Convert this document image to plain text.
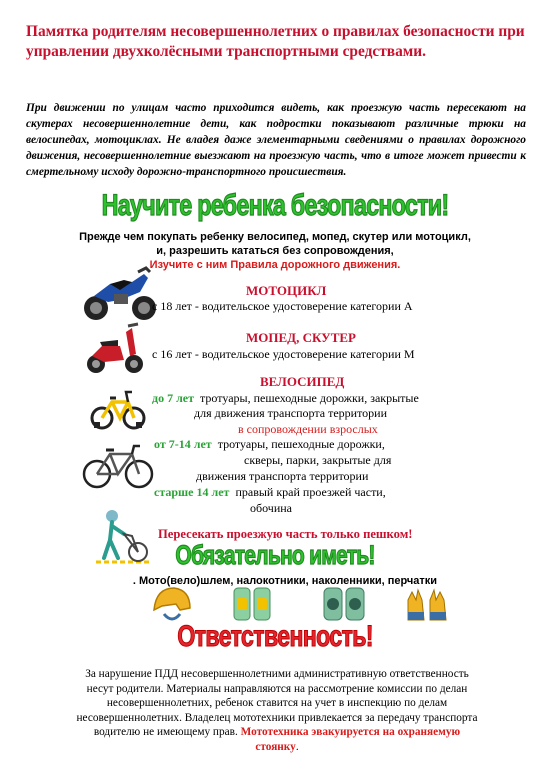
Памятка родителям несовершеннолетних о правилах безопасности при управлении двухколёсными транспортными средствами.

При движении по улицам часто приходится видеть, как проезжую часть пересекают на скутерах несовершеннолетние дети, как подростки показывают различные трюки на велосипедах, мотоциклах. Не владея даже элементарными сведениями о правилах дорожного движения, несовершеннолетние выезжают на проезжую часть, что в итоге может привести к смертельному исходу дорожно-транспортного происшествия.

Научите ребенка безопасности!
Прежде чем покупать ребенку велосипед, мопед, скутер или мотоцикл,
и, разрешить кататься без сопровождения,
Изучите с ним Правила дорожного движения.
МОТОЦИКЛ
с 18 лет - водительское удостоверение категории А
МОПЕД, СКУТЕР
с 16 лет - водительское удостоверение категории М
ВЕЛОСИПЕД
до 7 лет тротуары, пешеходные дорожки, закрытые
для движения транспорта территории
в сопровождении взрослых
от 7-14 лет тротуары, пешеходные дорожки,
скверы, парки, закрытые для
движения транспорта территории
старше 14 лет правый край проезжей части,
обочина
Пересекать проезжую часть только пешком!
Обязательно иметь!
. Мото(вело)шлем, налокотники, наколенники, перчатки
Ответственность!
За нарушение ПДД несовершеннолетними административную ответственность несут родители. Материалы направляются на рассмотрение комиссии по делан несовершеннолетних, ребенок ставится на учет в инспекцию по делам несовершеннолетних. Владелец мототехники привлекается за передачу транспорта водителю не имеющему прав. Мототехника эвакуируется на охраняемую стоянку.
